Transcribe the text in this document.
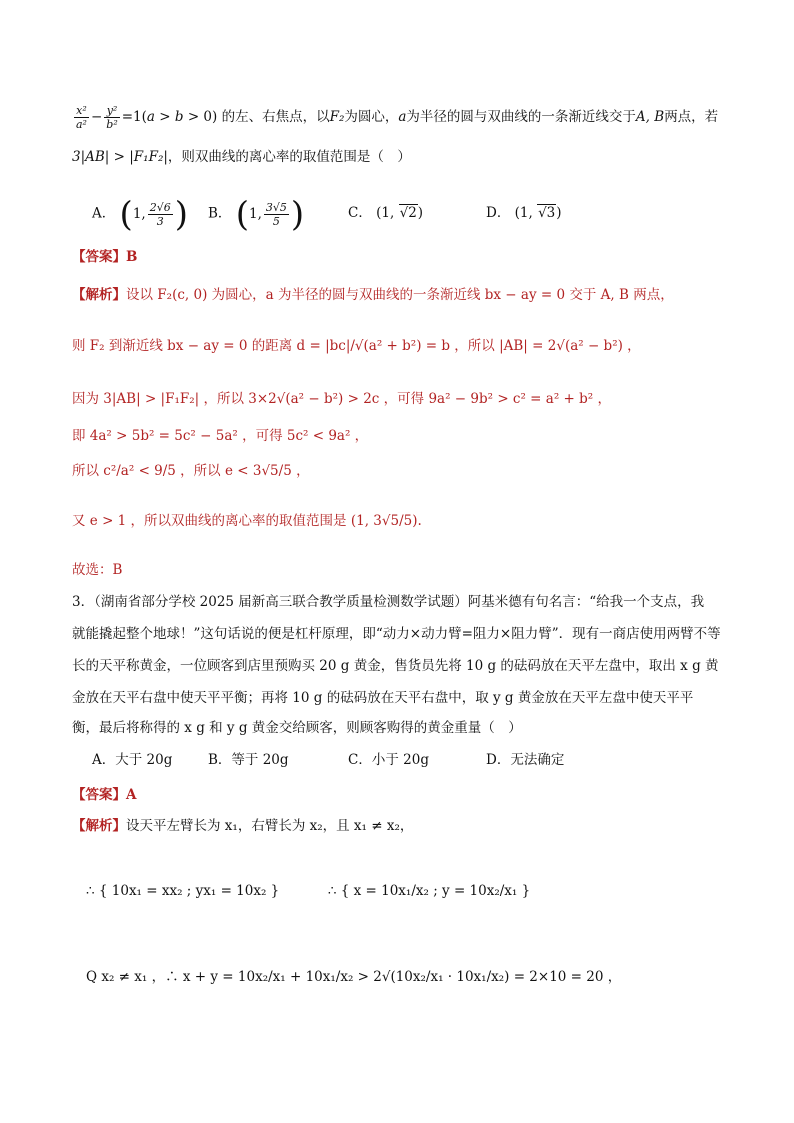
$\frac{\text{x²}}{\text{a²}} - \frac{\text{y²}}{\text{b²}} =1(a > b > 0)$ 的左、右焦点，以F₂为圆心，a为半径的圆与双曲线的一条渐近线交于A, B两点，若
3|AB| > |F₁F₂|，则双曲线的离心率的取值范围是（　）
A． (1, $\frac{2√6}{3}$ ) B． (1, $\frac{3√5}{5}$ )	C． (1, √2)	D． (1, √3)
【答案】B
【解析】设以 F₂(c, 0) 为圆心，a 为半径的圆与双曲线的一条渐近线 bx − ay = 0 交于 A, B 两点，
则 F₂ 到渐近线 bx − ay = 0 的距离 d = |bc|/√(a² + b²) = b ，所以 |AB| = 2√(a² − b²) ，
因为 3|AB| > |F₁F₂| ，所以 3×2√(a² − b²) > 2c ，可得 9a² − 9b² > c² = a² + b² ，
即 4a² > 5b² = 5c² − 5a² ，可得 5c² < 9a² ，
所以 c²/a² < 9/5 ，所以 e < 3√5/5 ，
又 e > 1 ，所以双曲线的离心率的取值范围是 (1, 3√5/5).
故选：B
3．（湖南省部分学校 2025 届新高三联合教学质量检测数学试题）阿基米德有句名言：“给我一个支点，我
就能撬起整个地球！”这句话说的便是杠杆原理，即“动力×动力臂=阻力×阻力臂”．现有一商店使用两臂不等
长的天平称黄金，一位顾客到店里预购买 20 g 黄金，售货员先将 10 g 的砝码放在天平左盘中，取出 x g 黄
金放在天平右盘中使天平平衡；再将 10 g 的砝码放在天平右盘中，取 y g 黄金放在天平左盘中使天平平
衡，最后将称得的 x g 和 y g 黄金交给顾客，则顾客购得的黄金重量（　）
A．大于 20g	B．等于 20g	C．小于 20g	D．无法确定
【答案】A
【解析】设天平左臂长为 x₁，右臂长为 x₂，且 x₁ ≠ x₂，
∴ { 10x₁ = xx₂ ; yx₁ = 10x₂ }	∴ { x = 10x₁/x₂ ; y = 10x₂/x₁ }
Q x₂ ≠ x₁ ，∴ x + y = 10x₂/x₁ + 10x₁/x₂ > 2√(10x₂/x₁ · 10x₁/x₂) = 2×10 = 20 ，
